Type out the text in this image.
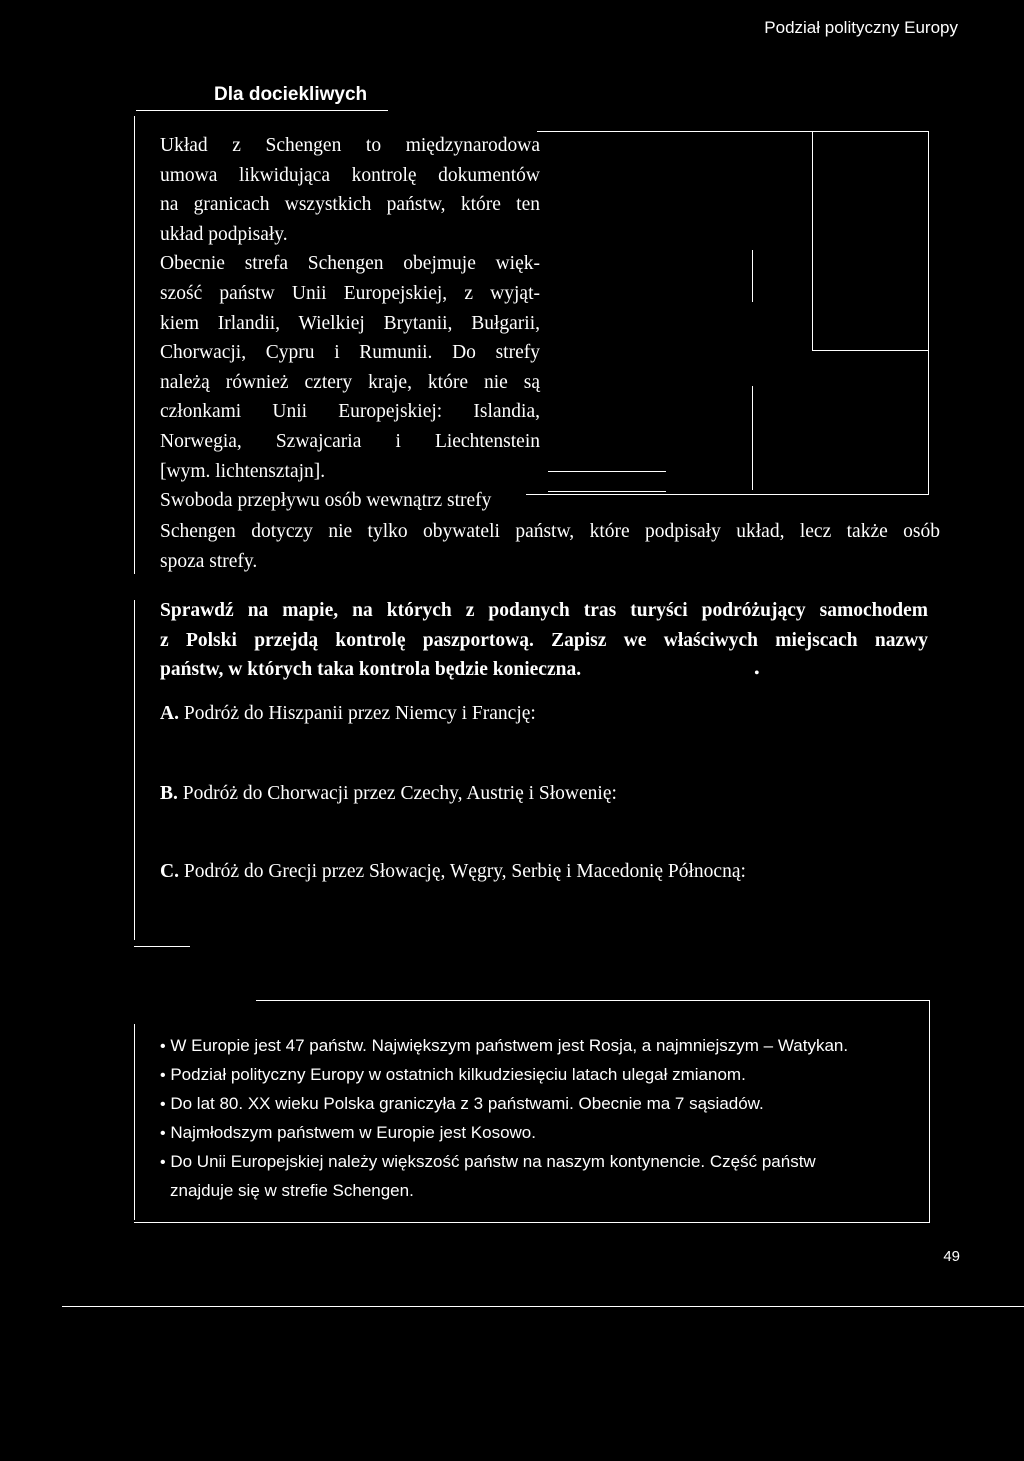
Podział polityczny Europy
Dla dociekliwych
Układ z Schengen to międzynarodowa
umowa likwidująca kontrolę dokumentów
na granicach wszystkich państw, które ten
układ podpisały.
Obecnie strefa Schengen obejmuje więk-
szość państw Unii Europejskiej, z wyjąt-
kiem Irlandii, Wielkiej Brytanii, Bułgarii,
Chorwacji, Cypru i Rumunii. Do strefy
należą również cztery kraje, które nie są
członkami Unii Europejskiej: Islandia,
Norwegia, Szwajcaria i Liechtenstein
[wym. lichtensztajn].
Swoboda przepływu osób wewnątrz strefy
Schengen dotyczy nie tylko obywateli państw, które podpisały układ, lecz także osób
spoza strefy.
Sprawdź na mapie, na których z podanych tras turyści podróżujący samochodem
z Polski przejdą kontrolę paszportową. Zapisz we właściwych miejscach nazwy
państw, w których taka kontrola będzie konieczna.	•
A. Podróż do Hiszpanii przez Niemcy i Francję:
B. Podróż do Chorwacji przez Czechy, Austrię i Słowenię:
C. Podróż do Grecji przez Słowację, Węgry, Serbię i Macedonię Północną:
• W Europie jest 47 państw. Największym państwem jest Rosja, a najmniejszym – Watykan.
• Podział polityczny Europy w ostatnich kilkudziesięciu latach ulegał zmianom.
• Do lat 80. XX wieku Polska graniczyła z 3 państwami. Obecnie ma 7 sąsiadów.
• Najmłodszym państwem w Europie jest Kosowo.
• Do Unii Europejskiej należy większość państw na naszym kontynencie. Część państw
znajduje się w strefie Schengen.
49
